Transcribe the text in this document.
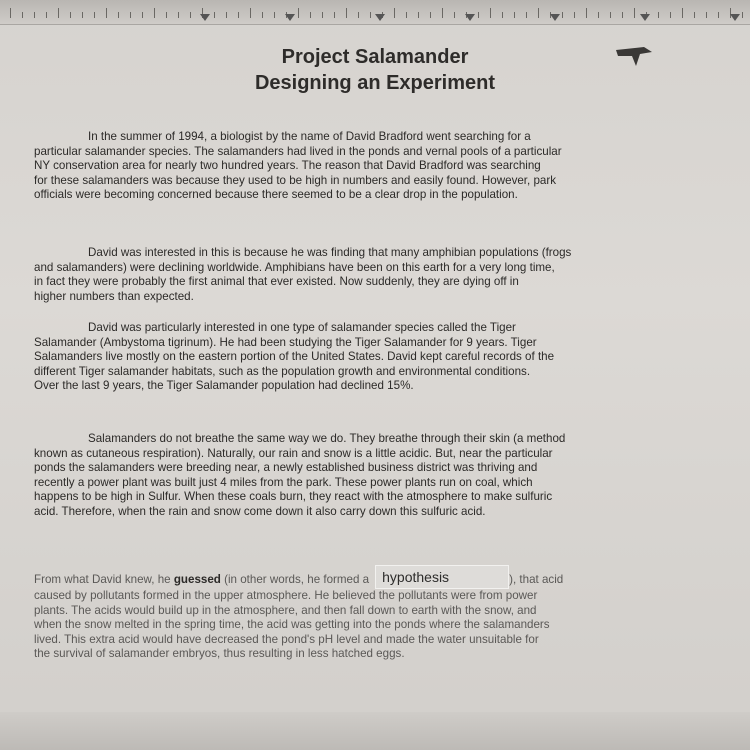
Project Salamander
Designing an Experiment
In the summer of 1994, a biologist by the name of David Bradford went searching for a
particular salamander species. The salamanders had lived in the ponds and vernal pools of a particular
NY conservation area for nearly two hundred years. The reason that David Bradford was searching
for these salamanders was because they used to be high in numbers and easily found. However, park
officials were becoming concerned because there seemed to be a clear drop in the population.
David was interested in this is because he was finding that many amphibian populations (frogs
and salamanders) were declining worldwide. Amphibians have been on this earth for a very long time,
in fact they were probably the first animal that ever existed. Now suddenly, they are dying off in
higher numbers than expected.
David was particularly interested in one type of salamander species called the Tiger
Salamander (Ambystoma tigrinum). He had been studying the Tiger Salamander for 9 years. Tiger
Salamanders live mostly on the eastern portion of the United States. David kept careful records of the
different Tiger salamander habitats, such as the population growth and environmental conditions.
Over the last 9 years, the Tiger Salamander population had declined 15%.
Salamanders do not breathe the same way we do. They breathe through their skin (a method
known as cutaneous respiration). Naturally, our rain and snow is a little acidic. But, near the particular
ponds the salamanders were breeding near, a newly established business district was thriving and
recently a power plant was built just 4 miles from the park. These power plants run on coal, which
happens to be high in Sulfur. When these coals burn, they react with the atmosphere to make sulfuric
acid. Therefore, when the rain and snow come down it also carry down this sulfuric acid.
From what David knew, he guessed (in other words, he formed a hypothesis	), that acid
caused by pollutants formed in the upper atmosphere. He believed the pollutants were from power
plants. The acids would build up in the atmosphere, and then fall down to earth with the snow, and
when the snow melted in the spring time, the acid was getting into the ponds where the salamanders
lived. This extra acid would have decreased the pond's pH level and made the water unsuitable for
the survival of salamander embryos, thus resulting in less hatched eggs.
